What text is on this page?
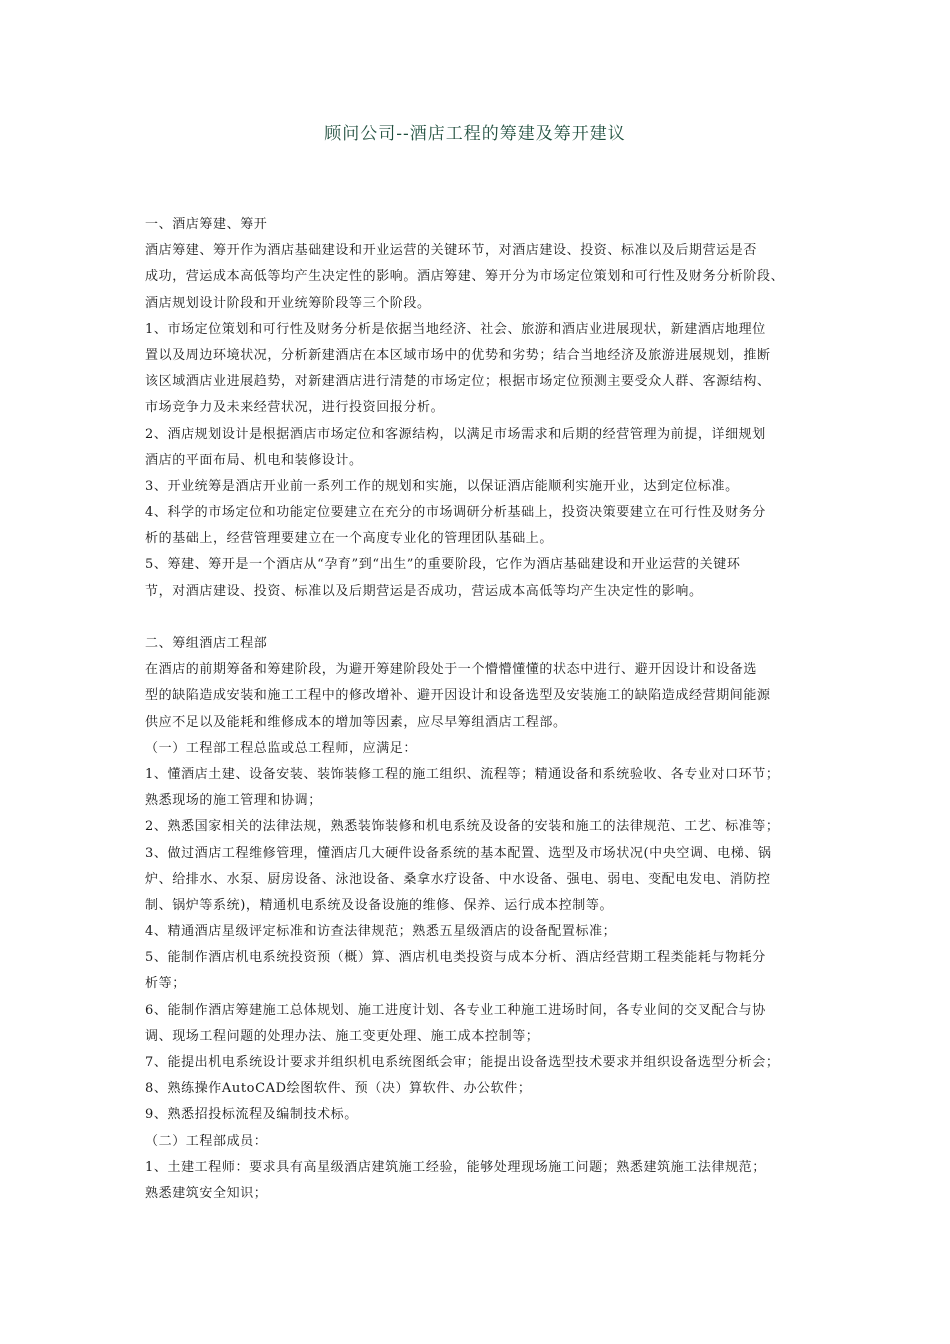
顾问公司--酒店工程的筹建及筹开建议
一、酒店筹建、筹开
酒店筹建、筹开作为酒店基础建设和开业运营的关键环节，对酒店建设、投资、标准以及后期营运是否
成功，营运成本高低等均产生决定性的影响。酒店筹建、筹开分为市场定位策划和可行性及财务分析阶段、
酒店规划设计阶段和开业统筹阶段等三个阶段。
1、市场定位策划和可行性及财务分析是依据当地经济、社会、旅游和酒店业进展现状，新建酒店地理位
置以及周边环境状况，分析新建酒店在本区域市场中的优势和劣势；结合当地经济及旅游进展规划，推断
该区域酒店业进展趋势，对新建酒店进行清楚的市场定位；根据市场定位预测主要受众人群、客源结构、
市场竞争力及未来经营状况，进行投资回报分析。
2、酒店规划设计是根据酒店市场定位和客源结构，以满足市场需求和后期的经营管理为前提，详细规划
酒店的平面布局、机电和装修设计。
3、开业统筹是酒店开业前一系列工作的规划和实施，以保证酒店能顺利实施开业，达到定位标准。
4、科学的市场定位和功能定位要建立在充分的市场调研分析基础上，投资决策要建立在可行性及财务分
析的基础上，经营管理要建立在一个高度专业化的管理团队基础上。
5、筹建、筹开是一个酒店从“孕育”到“出生”的重要阶段，它作为酒店基础建设和开业运营的关键环
节，对酒店建设、投资、标准以及后期营运是否成功，营运成本高低等均产生决定性的影响。
二、筹组酒店工程部
在酒店的前期筹备和筹建阶段，为避开筹建阶段处于一个懵懵懂懂的状态中进行、避开因设计和设备选
型的缺陷造成安装和施工工程中的修改增补、避开因设计和设备选型及安装施工的缺陷造成经营期间能源
供应不足以及能耗和维修成本的增加等因素，应尽早筹组酒店工程部。
（一）工程部工程总监或总工程师，应满足：
1、懂酒店土建、设备安装、装饰装修工程的施工组织、流程等；精通设备和系统验收、各专业对口环节；
熟悉现场的施工管理和协调；
2、熟悉国家相关的法律法规，熟悉装饰装修和机电系统及设备的安装和施工的法律规范、工艺、标准等；
3、做过酒店工程维修管理，懂酒店几大硬件设备系统的基本配置、选型及市场状况(中央空调、电梯、锅
炉、给排水、水泵、厨房设备、泳池设备、桑拿水疗设备、中水设备、强电、弱电、变配电发电、消防控
制、锅炉等系统)，精通机电系统及设备设施的维修、保养、运行成本控制等。
4、精通酒店星级评定标准和访查法律规范；熟悉五星级酒店的设备配置标准；
5、能制作酒店机电系统投资预（概）算、酒店机电类投资与成本分析、酒店经营期工程类能耗与物耗分
析等；
6、能制作酒店筹建施工总体规划、施工进度计划、各专业工种施工进场时间，各专业间的交叉配合与协
调、现场工程问题的处理办法、施工变更处理、施工成本控制等；
7、能提出机电系统设计要求并组织机电系统图纸会审；能提出设备选型技术要求并组织设备选型分析会；
8、熟练操作AutoCAD绘图软件、预（决）算软件、办公软件；
9、熟悉招投标流程及编制技术标。
（二）工程部成员：
1、土建工程师：要求具有高星级酒店建筑施工经验，能够处理现场施工问题；熟悉建筑施工法律规范；
熟悉建筑安全知识；
